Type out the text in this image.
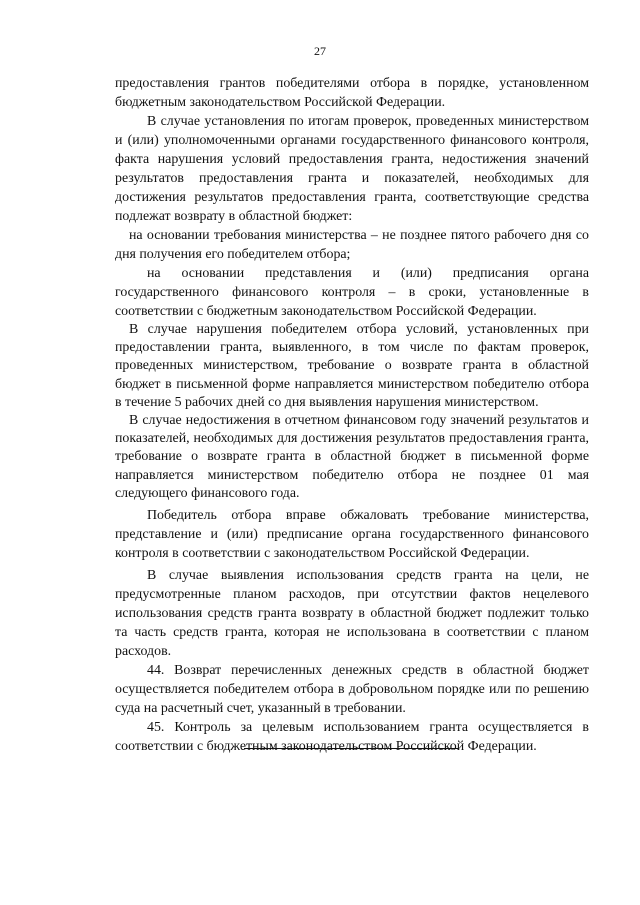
27

предоставления грантов победителями отбора в порядке, установленном бюджетным законодательством Российской Федерации.

В случае установления по итогам проверок, проведенных министерством и (или) уполномоченными органами государственного финансового контроля, факта нарушения условий предоставления гранта, недостижения значений результатов предоставления гранта и показателей, необходимых для достижения результатов предоставления гранта, соответствующие средства подлежат возврату в областной бюджет:

на основании требования министерства – не позднее пятого рабочего дня со дня получения его победителем отбора;

на основании представления и (или) предписания органа государственного финансового контроля – в сроки, установленные в соответствии с бюджетным законодательством Российской Федерации.

В случае нарушения победителем отбора условий, установленных при предоставлении гранта, выявленного, в том числе по фактам проверок, проведенных министерством, требование о возврате гранта в областной бюджет в письменной форме направляется министерством победителю отбора в течение 5 рабочих дней со дня выявления нарушения министерством.

В случае недостижения в отчетном финансовом году значений результатов и показателей, необходимых для достижения результатов предоставления гранта, требование о возврате гранта в областной бюджет в письменной форме направляется министерством победителю отбора не позднее 01 мая следующего финансового года.

Победитель отбора вправе обжаловать требование министерства, представление и (или) предписание органа государственного финансового контроля в соответствии с законодательством Российской Федерации.

В случае выявления использования средств гранта на цели, не предусмотренные планом расходов, при отсутствии фактов нецелевого использования средств гранта возврату в областной бюджет подлежит только та часть средств гранта, которая не использована в соответствии с планом расходов.

44. Возврат перечисленных денежных средств в областной бюджет осуществляется победителем отбора в добровольном порядке или по решению суда на расчетный счет, указанный в требовании.

45. Контроль за целевым использованием гранта осуществляется в соответствии с бюджетным законодательством Российской Федерации.
